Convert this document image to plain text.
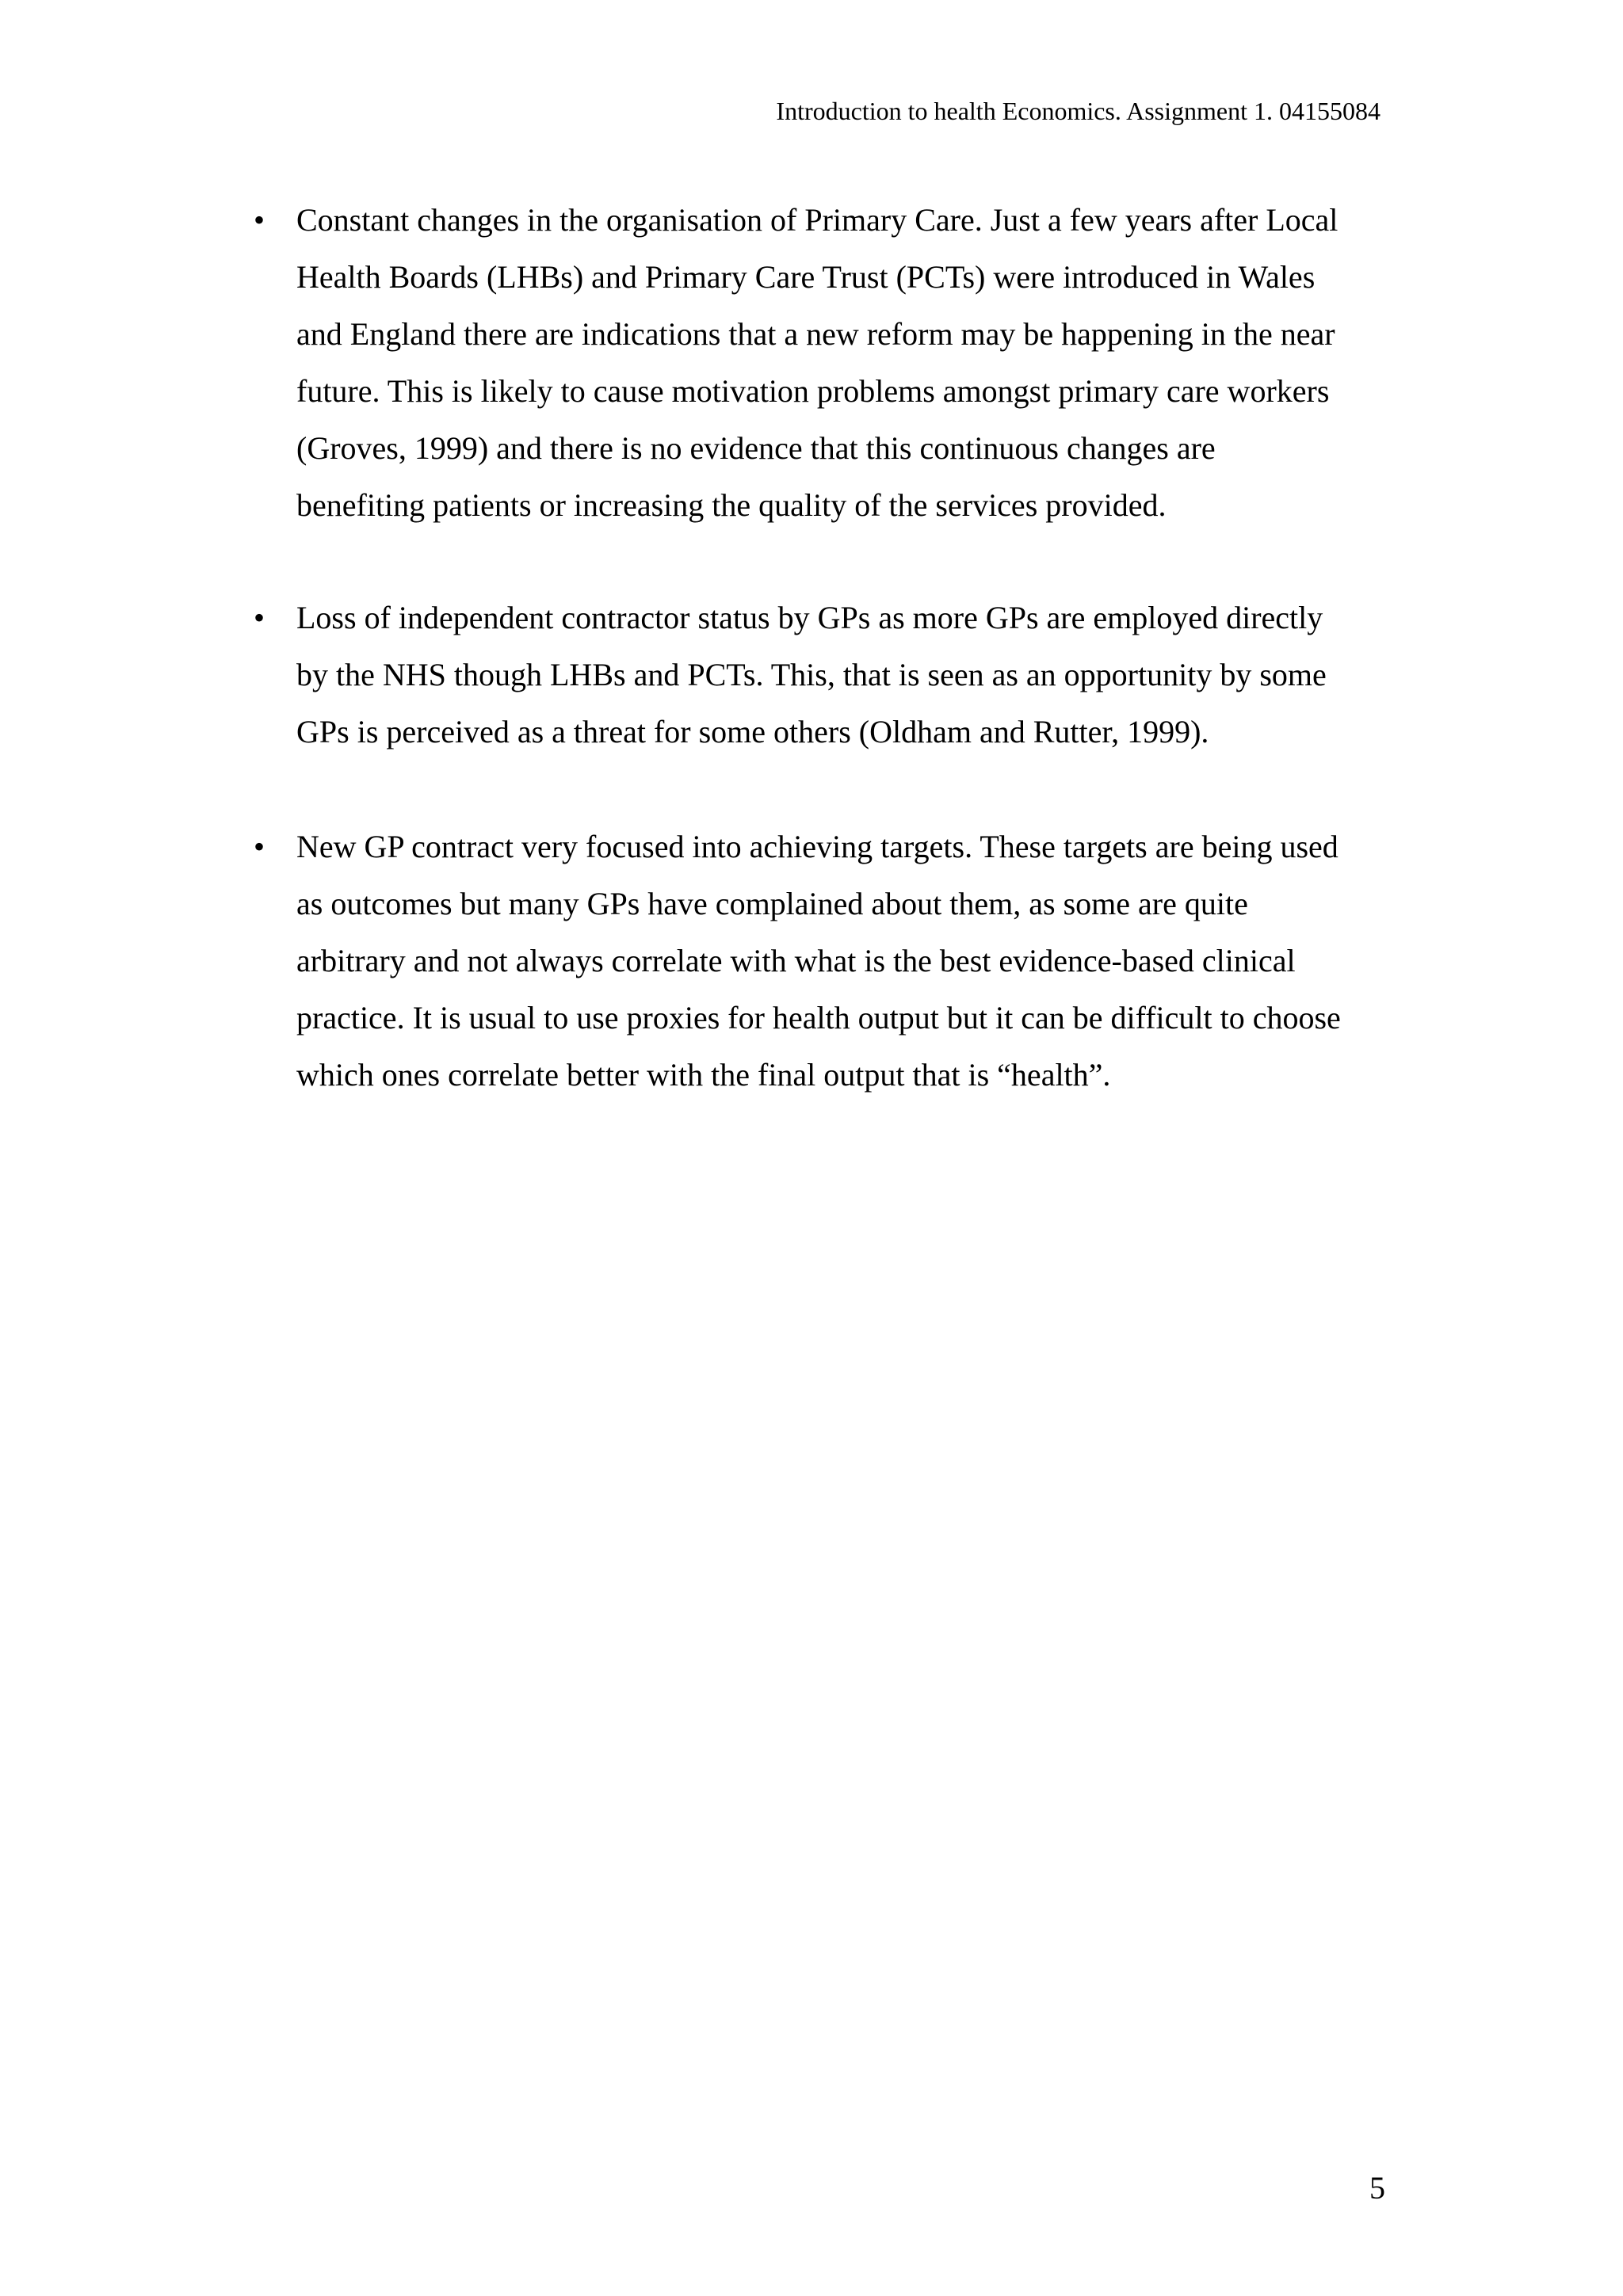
Introduction to health Economics. Assignment 1. 04155084
• Constant changes in the organisation of Primary Care. Just a few years after Local
Health Boards (LHBs) and Primary Care Trust (PCTs) were introduced in Wales
and England there are indications that a new reform may be happening in the near
future. This is likely to cause motivation problems amongst primary care workers
(Groves, 1999) and there is no evidence that this continuous changes are
benefiting patients or increasing the quality of the services provided.
• Loss of independent contractor status by GPs as more GPs are employed directly
by the NHS though LHBs and PCTs. This, that is seen as an opportunity by some
GPs is perceived as a threat for some others (Oldham and Rutter, 1999).
• New GP contract very focused into achieving targets. These targets are being used
as outcomes but many GPs have complained about them, as some are quite
arbitrary and not always correlate with what is the best evidence-based clinical
practice. It is usual to use proxies for health output but it can be difficult to choose
which ones correlate better with the final output that is “health”.
5
